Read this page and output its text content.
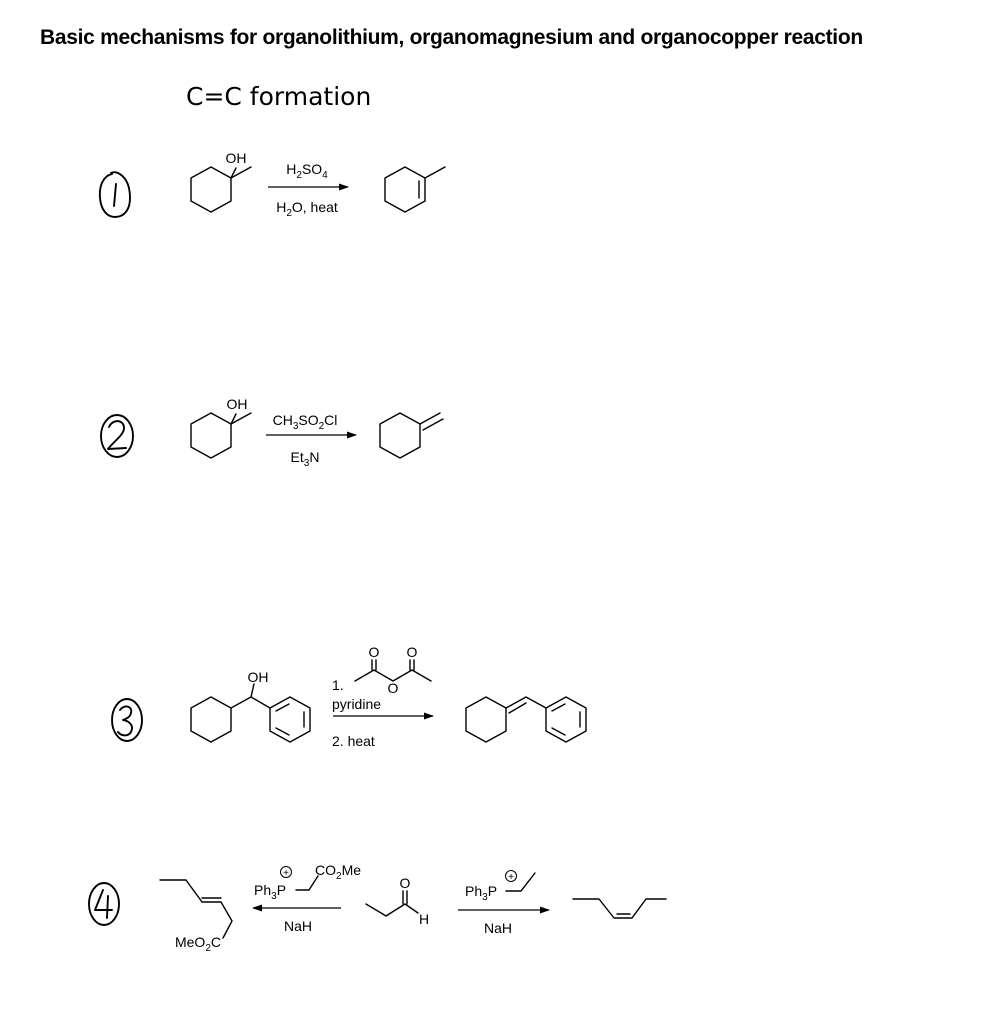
Basic mechanisms for organolithium, organomagnesium and organocopper reaction
C=C formation
OH
$H_2SO_4$
$H_2O$, heat
OH
$CH_3SO_2Cl$
$Et_3N$
OH
O
O
O
1.
pyridine
2. heat
MeO$_2$C
+
$Ph_3P$
$CO_2Me$
NaH
O
H
+
$Ph_3P$
NaH
